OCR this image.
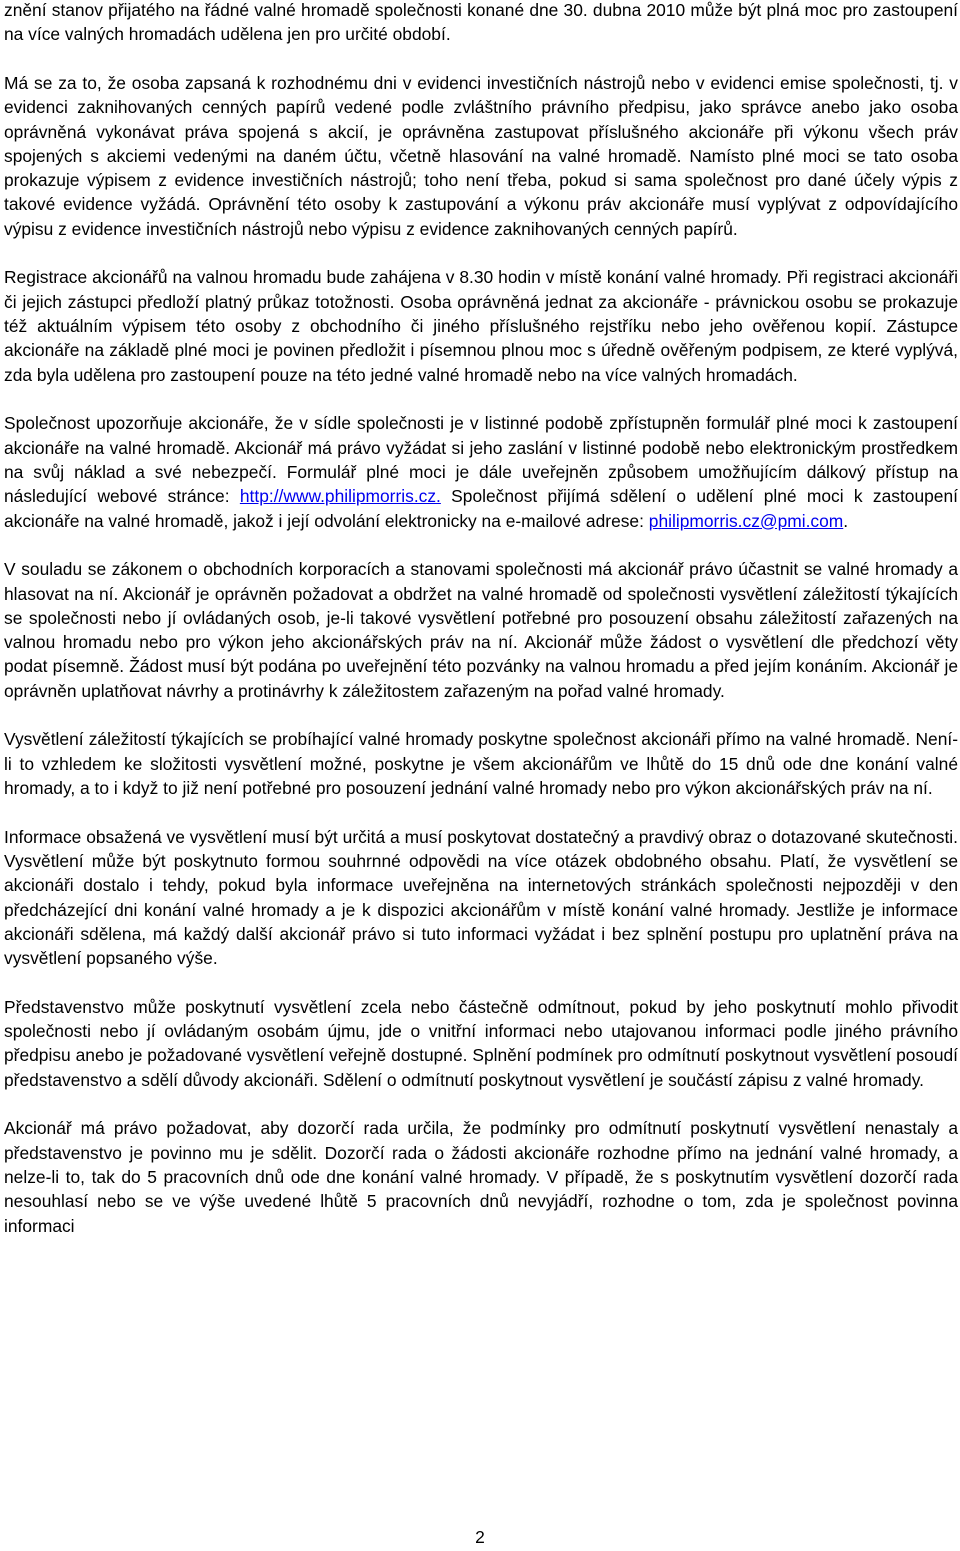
znění stanov přijatého na řádné valné hromadě společnosti konané dne 30. dubna 2010 může být plná moc pro zastoupení na více valných hromadách udělena jen pro určité období.

Má se za to, že osoba zapsaná k rozhodnému dni v evidenci investičních nástrojů nebo v evidenci emise společnosti, tj. v evidenci zaknihovaných cenných papírů vedené podle zvláštního právního předpisu, jako správce anebo jako osoba oprávněná vykonávat práva spojená s akcií, je oprávněna zastupovat příslušného akcionáře při výkonu všech práv spojených s akciemi vedenými na daném účtu, včetně hlasování na valné hromadě. Namísto plné moci se tato osoba prokazuje výpisem z evidence investičních nástrojů; toho není třeba, pokud si sama společnost pro dané účely výpis z takové evidence vyžádá. Oprávnění této osoby k zastupování a výkonu práv akcionáře musí vyplývat z odpovídajícího výpisu z evidence investičních nástrojů nebo výpisu z evidence zaknihovaných cenných papírů.

Registrace akcionářů na valnou hromadu bude zahájena v 8.30 hodin v místě konání valné hromady. Při registraci akcionáři či jejich zástupci předloží platný průkaz totožnosti. Osoba oprávněná jednat za akcionáře - právnickou osobu se prokazuje též aktuálním výpisem této osoby z obchodního či jiného příslušného rejstříku nebo jeho ověřenou kopií. Zástupce akcionáře na základě plné moci je povinen předložit i písemnou plnou moc s úředně ověřeným podpisem, ze které vyplývá, zda byla udělena pro zastoupení pouze na této jedné valné hromadě nebo na více valných hromadách.

Společnost upozorňuje akcionáře, že v sídle společnosti je v listinné podobě zpřístupněn formulář plné moci k zastoupení akcionáře na valné hromadě. Akcionář má právo vyžádat si jeho zaslání v listinné podobě nebo elektronickým prostředkem na svůj náklad a své nebezpečí. Formulář plné moci je dále uveřejněn způsobem umožňujícím dálkový přístup na následující webové stránce: http://www.philipmorris.cz. Společnost přijímá sdělení o udělení plné moci k zastoupení akcionáře na valné hromadě, jakož i její odvolání elektronicky na e-mailové adrese: philipmorris.cz@pmi.com.

V souladu se zákonem o obchodních korporacích a stanovami společnosti má akcionář právo účastnit se valné hromady a hlasovat na ní. Akcionář je oprávněn požadovat a obdržet na valné hromadě od společnosti vysvětlení záležitostí týkajících se společnosti nebo jí ovládaných osob, je-li takové vysvětlení potřebné pro posouzení obsahu záležitostí zařazených na valnou hromadu nebo pro výkon jeho akcionářských práv na ní. Akcionář může žádost o vysvětlení dle předchozí věty podat písemně. Žádost musí být podána po uveřejnění této pozvánky na valnou hromadu a před jejím konáním. Akcionář je oprávněn uplatňovat návrhy a protinávrhy k záležitostem zařazeným na pořad valné hromady.

Vysvětlení záležitostí týkajících se probíhající valné hromady poskytne společnost akcionáři přímo na valné hromadě. Není-li to vzhledem ke složitosti vysvětlení možné, poskytne je všem akcionářům ve lhůtě do 15 dnů ode dne konání valné hromady, a to i když to již není potřebné pro posouzení jednání valné hromady nebo pro výkon akcionářských práv na ní.

Informace obsažená ve vysvětlení musí být určitá a musí poskytovat dostatečný a pravdivý obraz o dotazované skutečnosti. Vysvětlení může být poskytnuto formou souhrnné odpovědi na více otázek obdobného obsahu. Platí, že vysvětlení se akcionáři dostalo i tehdy, pokud byla informace uveřejněna na internetových stránkách společnosti nejpozději v den předcházející dni konání valné hromady a je k dispozici akcionářům v místě konání valné hromady. Jestliže je informace akcionáři sdělena, má každý další akcionář právo si tuto informaci vyžádat i bez splnění postupu pro uplatnění práva na vysvětlení popsaného výše.

Představenstvo může poskytnutí vysvětlení zcela nebo částečně odmítnout, pokud by jeho poskytnutí mohlo přivodit společnosti nebo jí ovládaným osobám újmu, jde o vnitřní informaci nebo utajovanou informaci podle jiného právního předpisu anebo je požadované vysvětlení veřejně dostupné. Splnění podmínek pro odmítnutí poskytnout vysvětlení posoudí představenstvo a sdělí důvody akcionáři. Sdělení o odmítnutí poskytnout vysvětlení je součástí zápisu z valné hromady.

Akcionář má právo požadovat, aby dozorčí rada určila, že podmínky pro odmítnutí poskytnutí vysvětlení nenastaly a představenstvo je povinno mu je sdělit. Dozorčí rada o žádosti akcionáře rozhodne přímo na jednání valné hromady, a nelze-li to, tak do 5 pracovních dnů ode dne konání valné hromady. V případě, že s poskytnutím vysvětlení dozorčí rada nesouhlasí nebo se ve výše uvedené lhůtě 5 pracovních dnů nevyjádří, rozhodne o tom, zda je společnost povinna informaci

2
